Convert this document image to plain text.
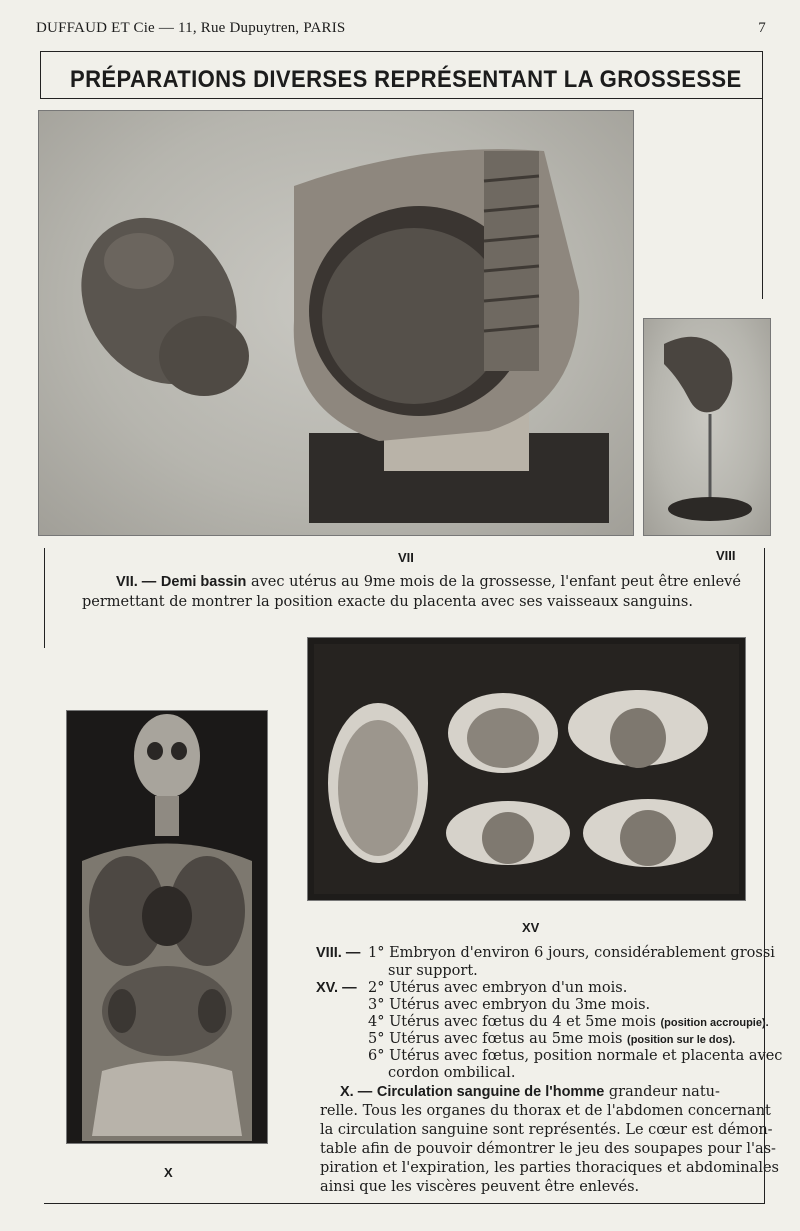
DUFFAUD ET Cie — 11, Rue Dupuytren, PARIS	7
PRÉPARATIONS DIVERSES REPRÉSENTANT LA GROSSESSE
VII	VIII
VII. — Demi bassin avec utérus au 9me mois de la grossesse, l'enfant peut être enlevé
permettant de montrer la position exacte du placenta avec ses vaisseaux sanguins.
XV
VIII. — 1° Embryon d'environ 6 jours, considérablement grossi
sur support.
XV. — 2° Utérus avec embryon d'un mois.
3° Utérus avec embryon du 3me mois.
4° Utérus avec fœtus du 4 et 5me mois (position accroupie).
5° Utérus avec fœtus au 5me mois (position sur le dos).
6° Utérus avec fœtus, position normale et placenta avec
cordon ombilical.
X. — Circulation sanguine de l'homme grandeur natu-
relle. Tous les organes du thorax et de l'abdomen concernant
la circulation sanguine sont représentés. Le cœur est démon-
table afin de pouvoir démontrer le jeu des soupapes pour l'as-
piration et l'expiration, les parties thoraciques et abdominales
ainsi que les viscères peuvent être enlevés.
X
